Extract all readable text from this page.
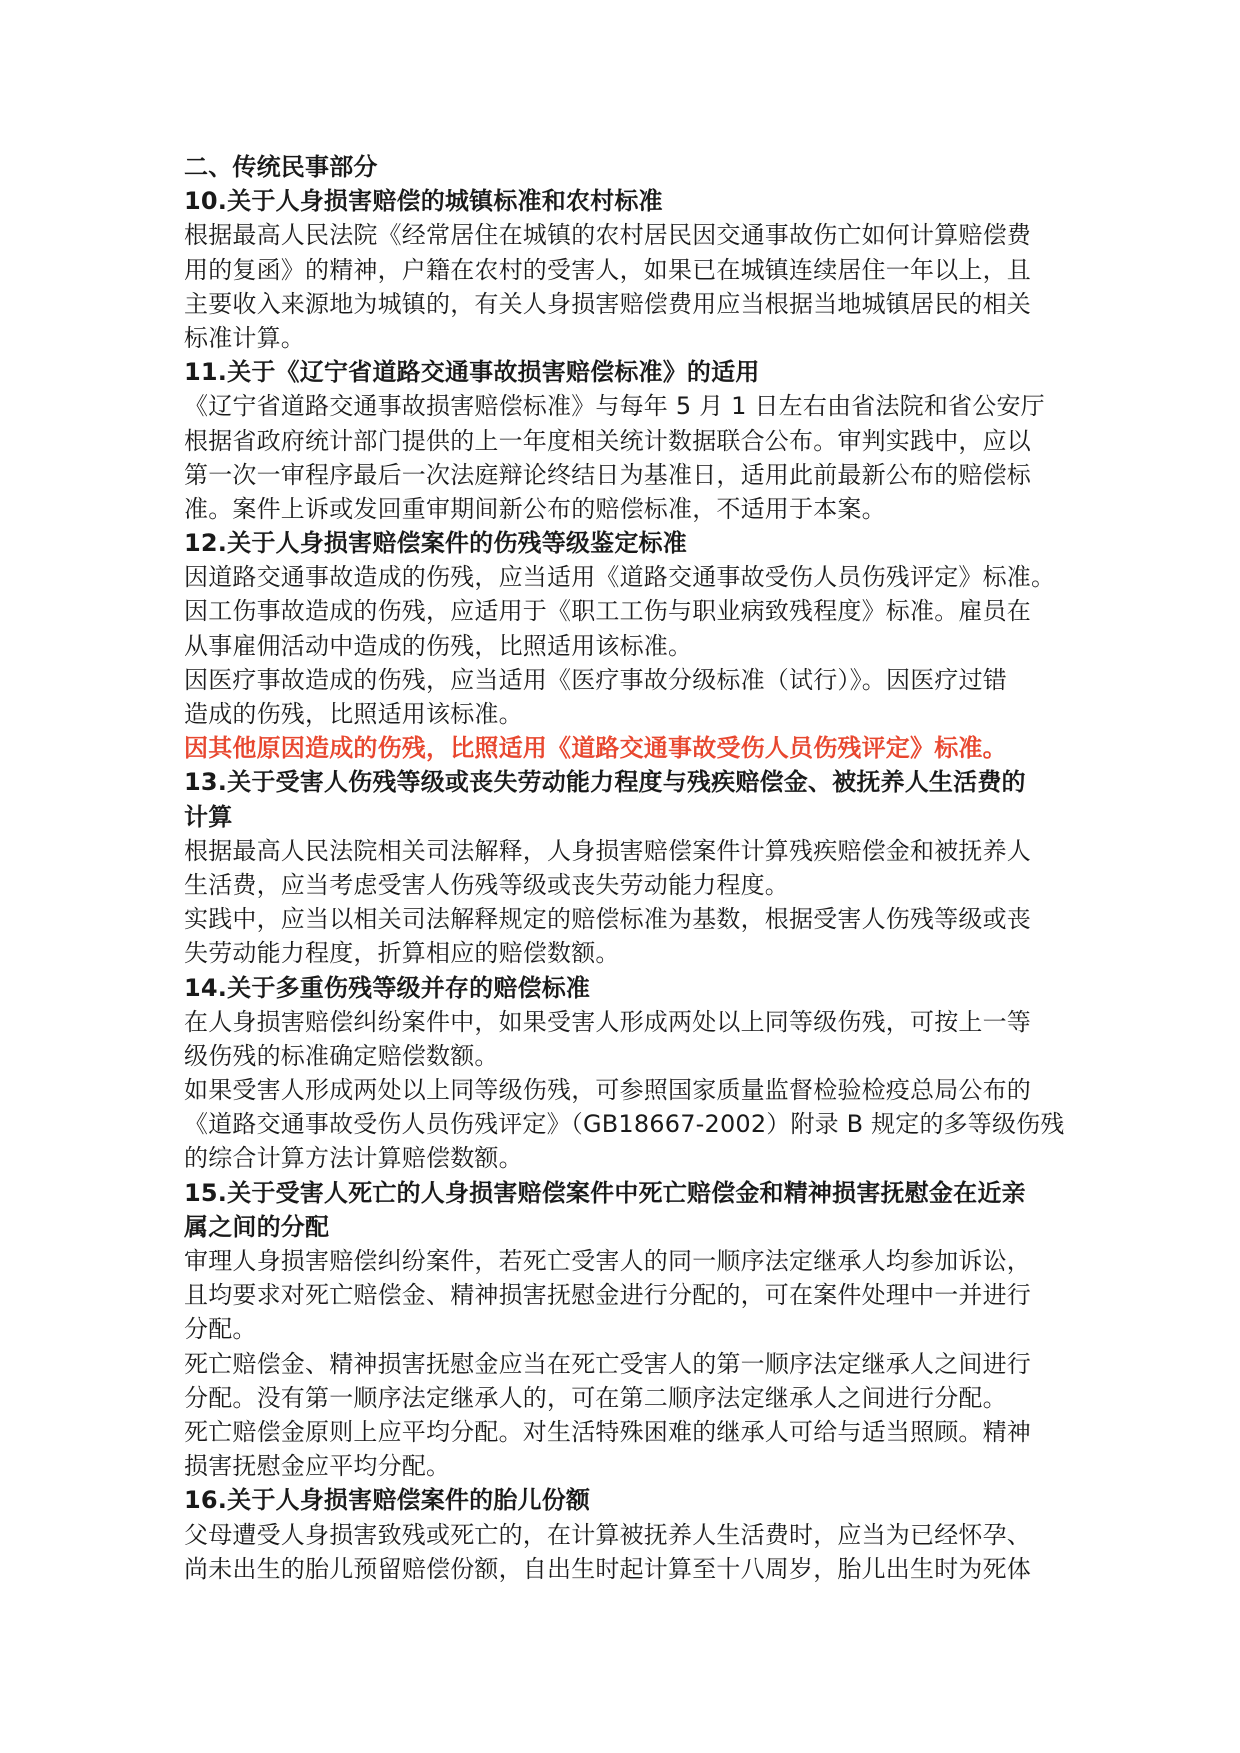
二、传统民事部分
10.关于人身损害赔偿的城镇标准和农村标准
根据最高人民法院《经常居住在城镇的农村居民因交通事故伤亡如何计算赔偿费
用的复函》的精神，户籍在农村的受害人，如果已在城镇连续居住一年以上，且
主要收入来源地为城镇的，有关人身损害赔偿费用应当根据当地城镇居民的相关
标准计算。
11.关于《辽宁省道路交通事故损害赔偿标准》的适用
《辽宁省道路交通事故损害赔偿标准》与每年 5 月 1 日左右由省法院和省公安厅
根据省政府统计部门提供的上一年度相关统计数据联合公布。审判实践中，应以
第一次一审程序最后一次法庭辩论终结日为基准日，适用此前最新公布的赔偿标
准。案件上诉或发回重审期间新公布的赔偿标准，不适用于本案。
12.关于人身损害赔偿案件的伤残等级鉴定标准
因道路交通事故造成的伤残，应当适用《道路交通事故受伤人员伤残评定》标准。
因工伤事故造成的伤残，应适用于《职工工伤与职业病致残程度》标准。雇员在
从事雇佣活动中造成的伤残，比照适用该标准。
因医疗事故造成的伤残，应当适用《医疗事故分级标准（试行）》。因医疗过错
造成的伤残，比照适用该标准。
因其他原因造成的伤残，比照适用《道路交通事故受伤人员伤残评定》标准。
13.关于受害人伤残等级或丧失劳动能力程度与残疾赔偿金、被抚养人生活费的
计算
根据最高人民法院相关司法解释，人身损害赔偿案件计算残疾赔偿金和被抚养人
生活费，应当考虑受害人伤残等级或丧失劳动能力程度。
实践中，应当以相关司法解释规定的赔偿标准为基数，根据受害人伤残等级或丧
失劳动能力程度，折算相应的赔偿数额。
14.关于多重伤残等级并存的赔偿标准
在人身损害赔偿纠纷案件中，如果受害人形成两处以上同等级伤残，可按上一等
级伤残的标准确定赔偿数额。
如果受害人形成两处以上同等级伤残，可参照国家质量监督检验检疫总局公布的
《道路交通事故受伤人员伤残评定》（GB18667-2002）附录 B 规定的多等级伤残
的综合计算方法计算赔偿数额。
15.关于受害人死亡的人身损害赔偿案件中死亡赔偿金和精神损害抚慰金在近亲
属之间的分配
审理人身损害赔偿纠纷案件，若死亡受害人的同一顺序法定继承人均参加诉讼，
且均要求对死亡赔偿金、精神损害抚慰金进行分配的，可在案件处理中一并进行
分配。
死亡赔偿金、精神损害抚慰金应当在死亡受害人的第一顺序法定继承人之间进行
分配。没有第一顺序法定继承人的，可在第二顺序法定继承人之间进行分配。
死亡赔偿金原则上应平均分配。对生活特殊困难的继承人可给与适当照顾。精神
损害抚慰金应平均分配。
16.关于人身损害赔偿案件的胎儿份额
父母遭受人身损害致残或死亡的，在计算被抚养人生活费时，应当为已经怀孕、
尚未出生的胎儿预留赔偿份额，自出生时起计算至十八周岁，胎儿出生时为死体
